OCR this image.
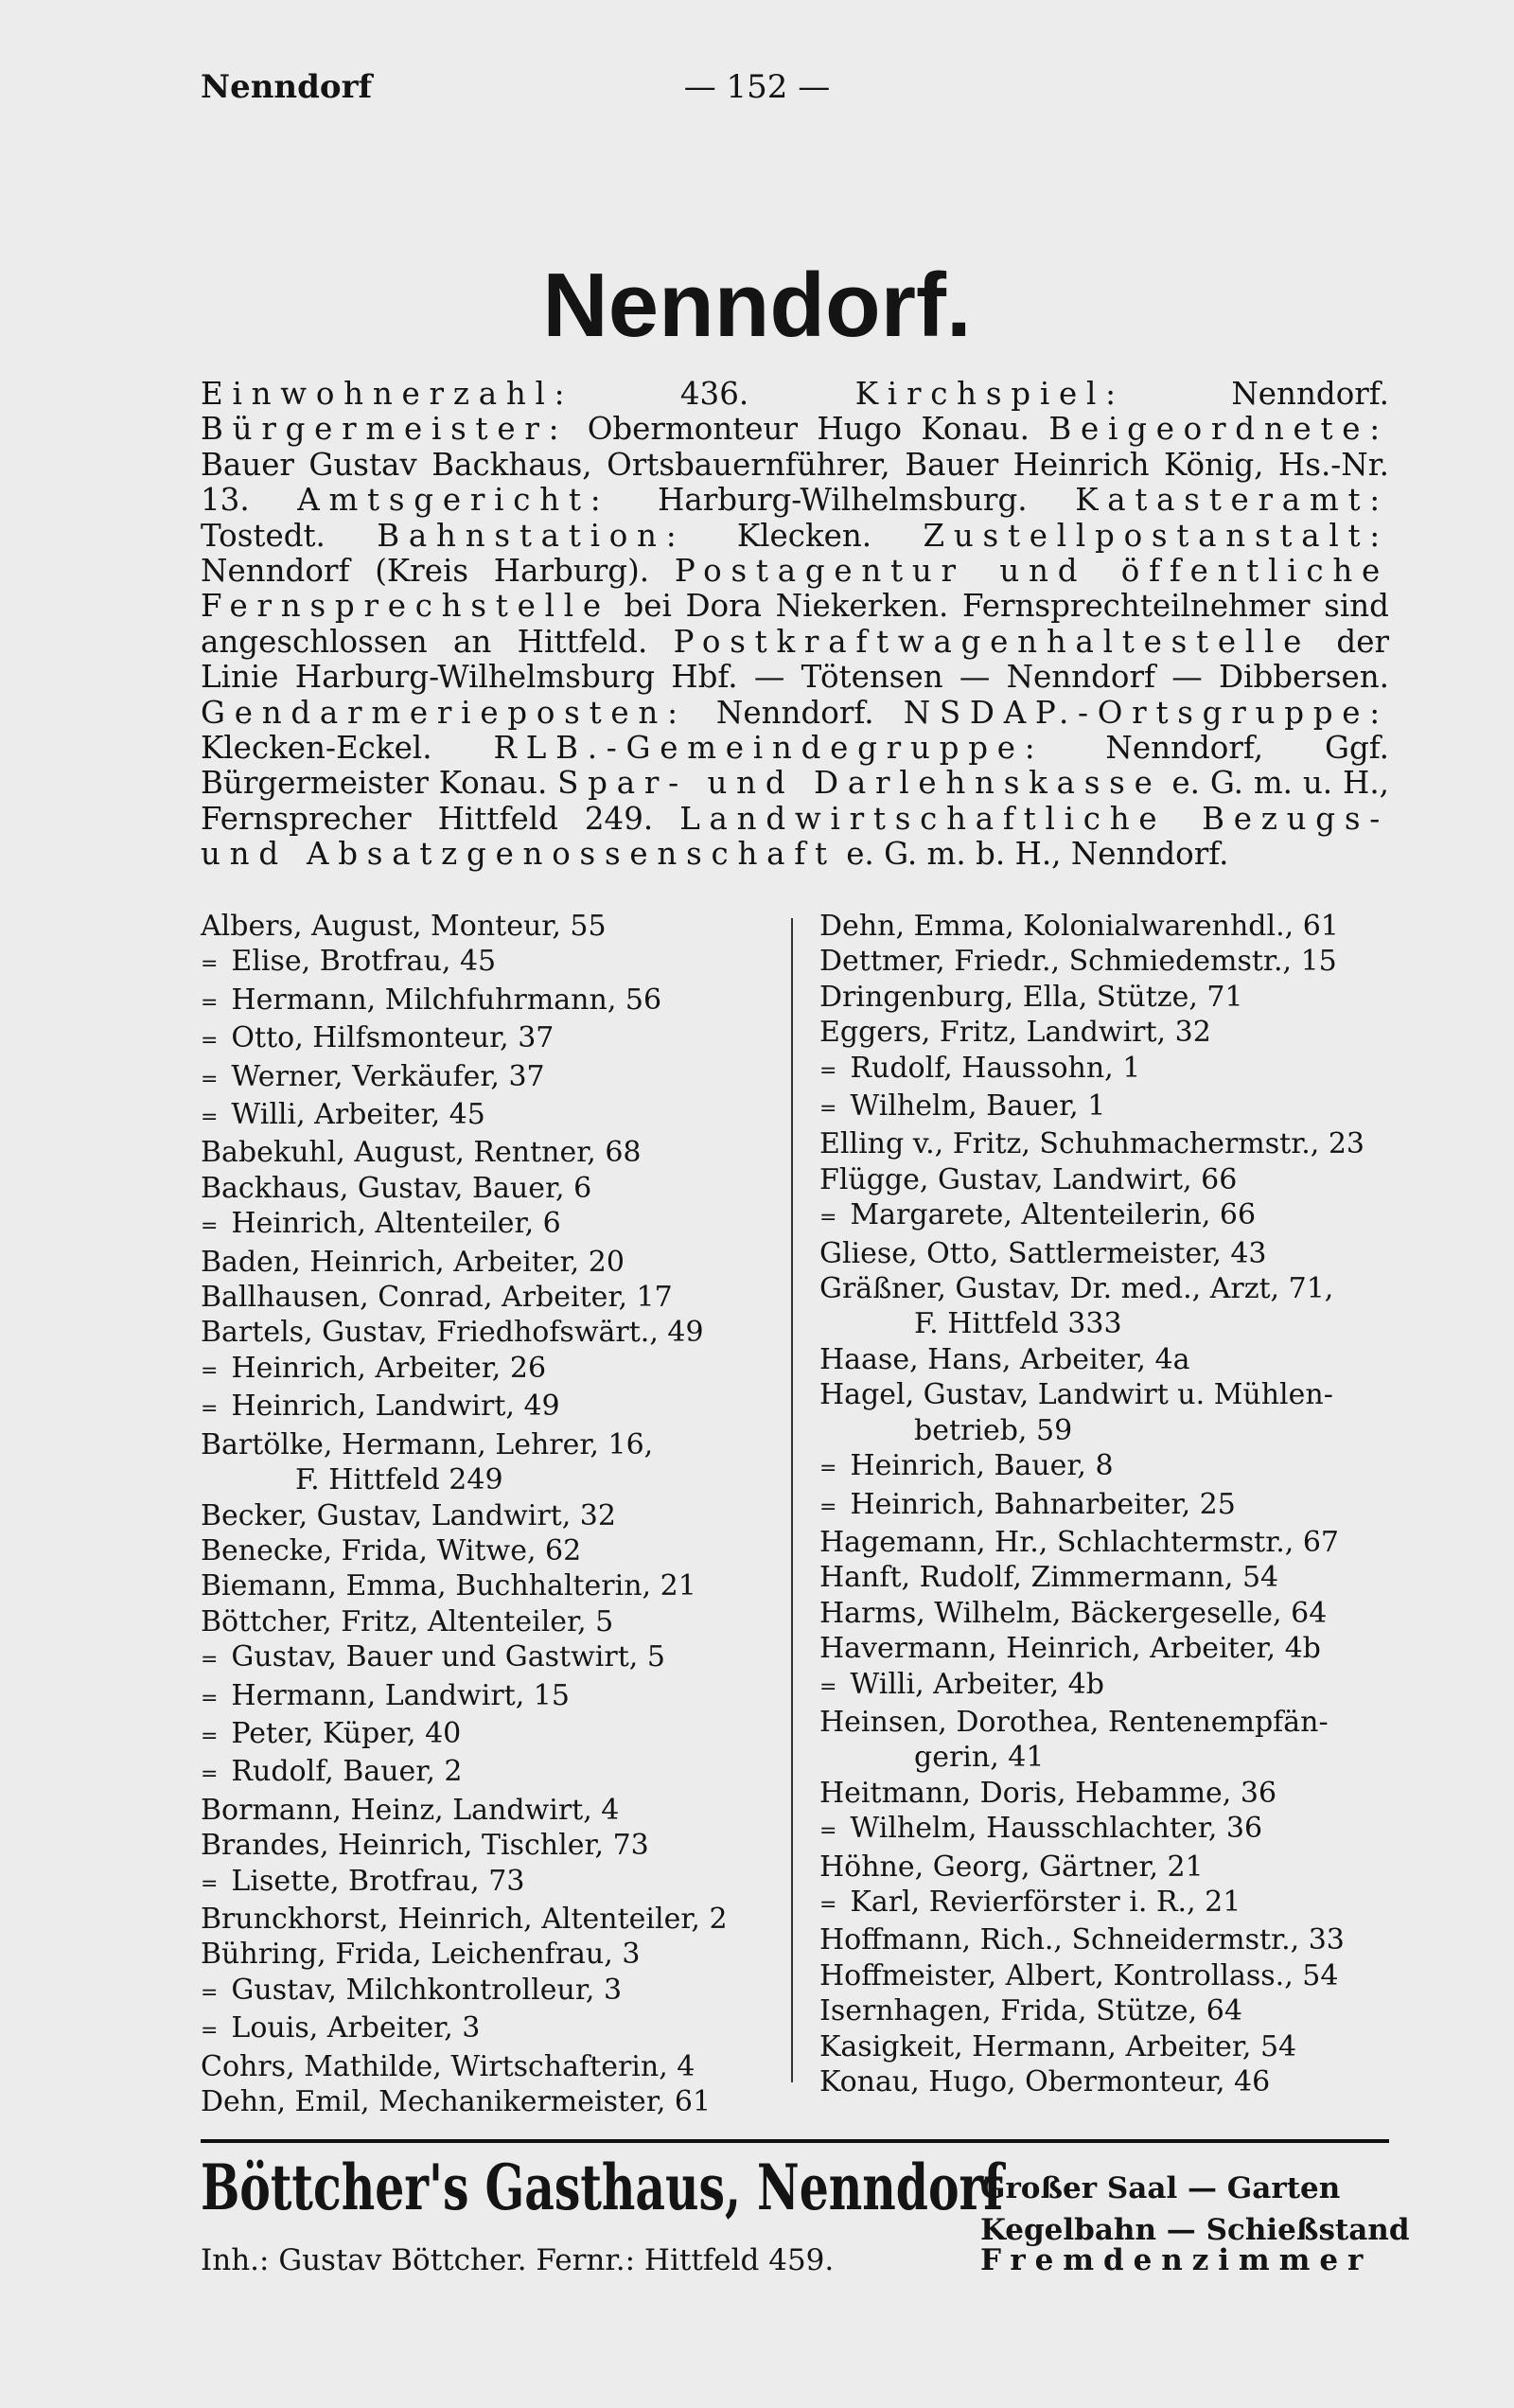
Nenndorf	— 152 —
Nenndorf.
Einwohnerzahl: 436. Kirchspiel: Nenndorf. Bürgermeister: Obermonteur Hugo Konau. Beigeordnete: Bauer Gustav Backhaus, Ortsbauernführer, Bauer Heinrich König, Hs.-Nr. 13. Amtsgericht: Harburg-Wilhelmsburg. Katasteramt: Tostedt. Bahnstation: Klecken. Zustellpostanstalt: Nenndorf (Kreis Harburg). Postagentur und öffentliche Fernsprechstelle bei Dora Niekerken. Fernsprechteilnehmer sind angeschlossen an Hittfeld. Postkraftwagenhaltestelle der Linie Harburg-Wilhelmsburg Hbf. — Tötensen — Nenndorf — Dibbersen. Gendarmerieposten: Nenndorf. NSDAP.-Ortsgruppe: Klecken-Eckel. RLB.-Gemeindegruppe: Nenndorf, Ggf. Bürgermeister Konau. Spar- und Darlehnskasse e. G. m. u. H., Fernsprecher Hittfeld 249. Landwirtschaftliche Bezugs- und Absatzgenossenschaft e. G. m. b. H., Nenndorf.
Albers, August, Monteur, 55
=  Elise, Brotfrau, 45
=  Hermann, Milchfuhrmann, 56
=  Otto, Hilfsmonteur, 37
=  Werner, Verkäufer, 37
=  Willi, Arbeiter, 45
Babekuhl, August, Rentner, 68
Backhaus, Gustav, Bauer, 6
=  Heinrich, Altenteiler, 6
Baden, Heinrich, Arbeiter, 20
Ballhausen, Conrad, Arbeiter, 17
Bartels, Gustav, Friedhofswärt., 49
=  Heinrich, Arbeiter, 26
=  Heinrich, Landwirt, 49
Bartölke, Hermann, Lehrer, 16,
F. Hittfeld 249
Becker, Gustav, Landwirt, 32
Benecke, Frida, Witwe, 62
Biemann, Emma, Buchhalterin, 21
Böttcher, Fritz, Altenteiler, 5
=  Gustav, Bauer und Gastwirt, 5
=  Hermann, Landwirt, 15
=  Peter, Küper, 40
=  Rudolf, Bauer, 2
Bormann, Heinz, Landwirt, 4
Brandes, Heinrich, Tischler, 73
=  Lisette, Brotfrau, 73
Brunckhorst, Heinrich, Altenteiler, 2
Bühring, Frida, Leichenfrau, 3
=  Gustav, Milchkontrolleur, 3
=  Louis, Arbeiter, 3
Cohrs, Mathilde, Wirtschafterin, 4
Dehn, Emil, Mechanikermeister, 61
Dehn, Emma, Kolonialwarenhdl., 61
Dettmer, Friedr., Schmiedemstr., 15
Dringenburg, Ella, Stütze, 71
Eggers, Fritz, Landwirt, 32
=  Rudolf, Haussohn, 1
=  Wilhelm, Bauer, 1
Elling v., Fritz, Schuhmachermstr., 23
Flügge, Gustav, Landwirt, 66
=  Margarete, Altenteilerin, 66
Gliese, Otto, Sattlermeister, 43
Gräßner, Gustav, Dr. med., Arzt, 71,
F. Hittfeld 333
Haase, Hans, Arbeiter, 4a
Hagel, Gustav, Landwirt u. Mühlen-
betrieb, 59
=  Heinrich, Bauer, 8
=  Heinrich, Bahnarbeiter, 25
Hagemann, Hr., Schlachtermstr., 67
Hanft, Rudolf, Zimmermann, 54
Harms, Wilhelm, Bäckergeselle, 64
Havermann, Heinrich, Arbeiter, 4b
=  Willi, Arbeiter, 4b
Heinsen, Dorothea, Rentenempfän-
gerin, 41
Heitmann, Doris, Hebamme, 36
=  Wilhelm, Hausschlachter, 36
Höhne, Georg, Gärtner, 21
=  Karl, Revierförster i. R., 21
Hoffmann, Rich., Schneidermstr., 33
Hoffmeister, Albert, Kontrollass., 54
Isernhagen, Frida, Stütze, 64
Kasigkeit, Hermann, Arbeiter, 54
Konau, Hugo, Obermonteur, 46
Böttcher's Gasthaus, Nenndorf
Inh.: Gustav Böttcher. Fernr.: Hittfeld 459.
Großer Saal — Garten
Kegelbahn — Schießstand
Fremdenzimmer
